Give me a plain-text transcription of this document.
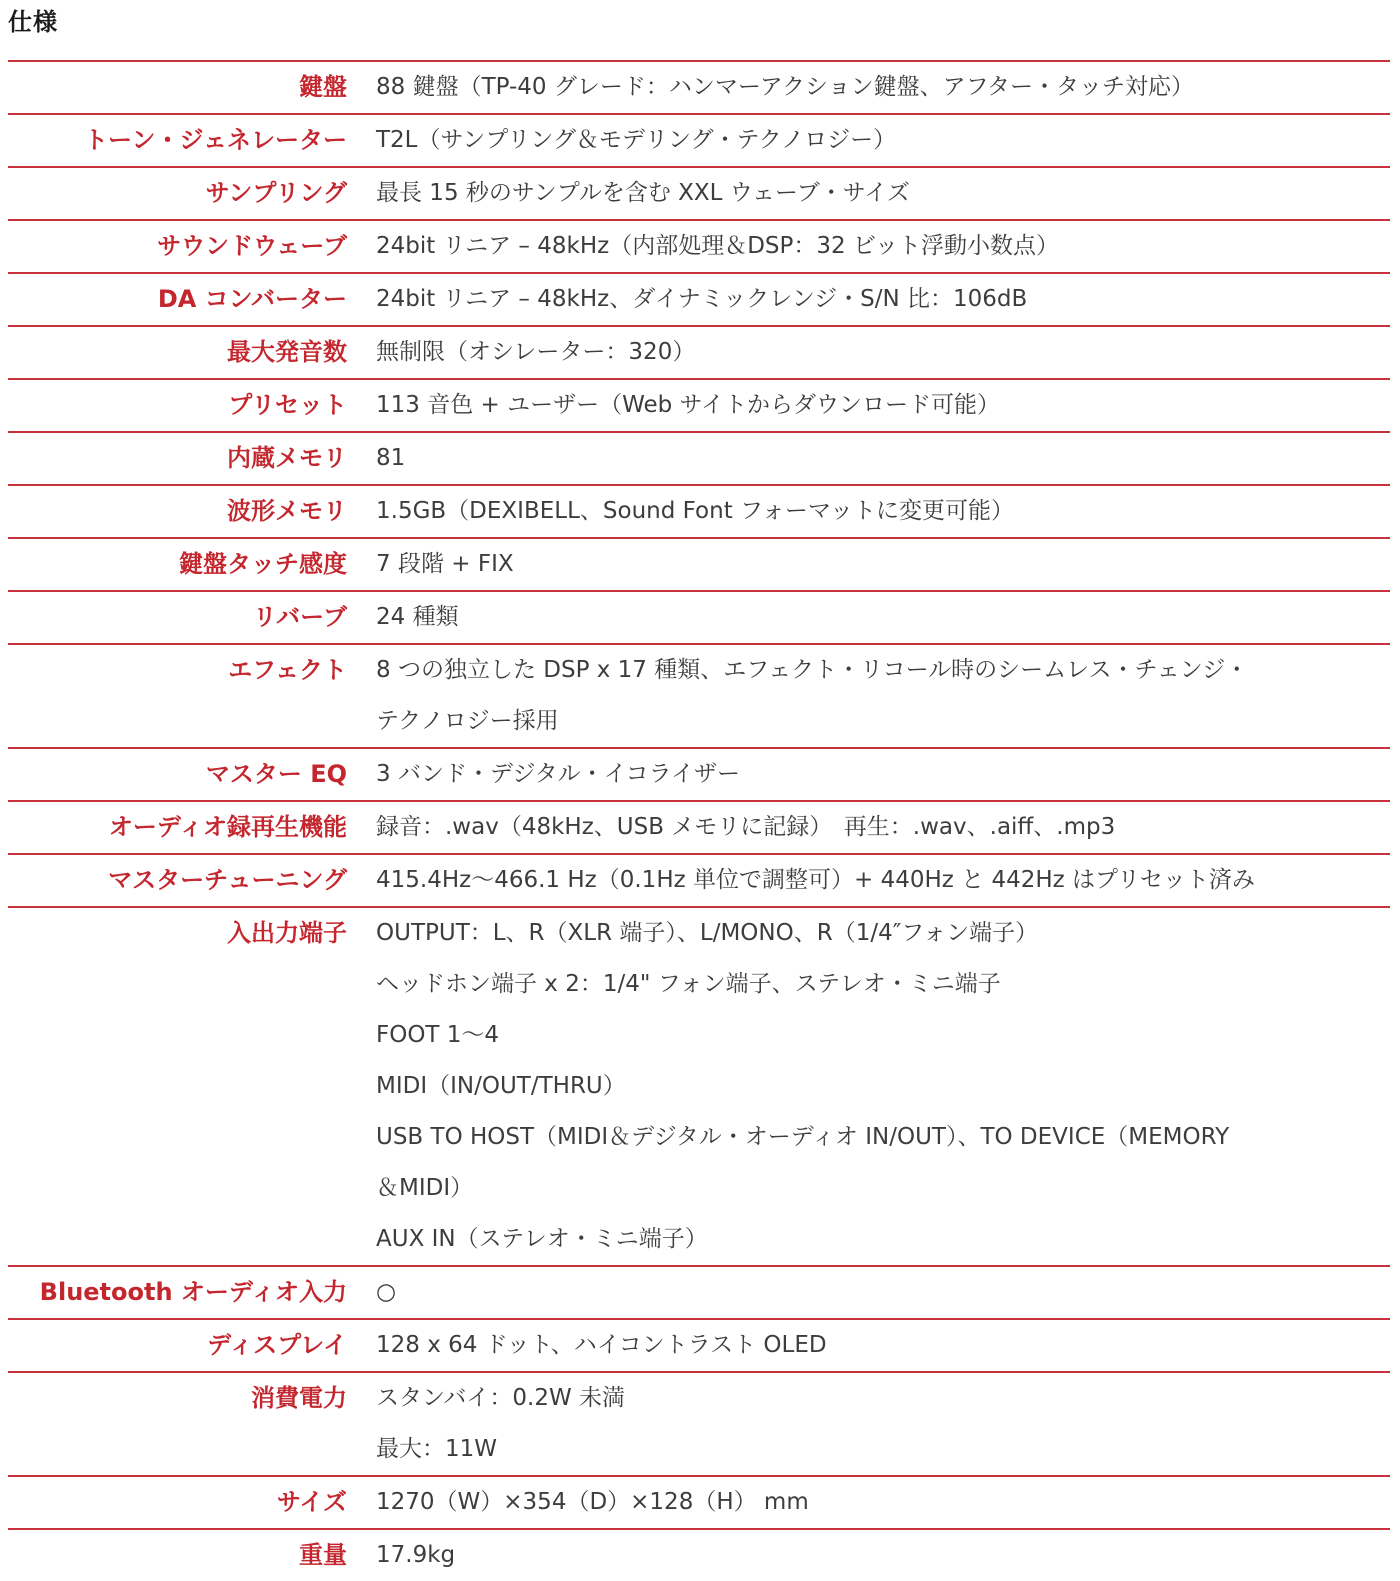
仕様
鍵盤 88 鍵盤（TP-40 グレード：ハンマーアクション鍵盤、アフター・タッチ対応）
トーン・ジェネレーター T2L（サンプリング＆モデリング・テクノロジー）
サンプリング 最長 15 秒のサンプルを含む XXL ウェーブ・サイズ
サウンドウェーブ 24bit リニア – 48kHz（内部処理＆DSP：32 ビット浮動小数点）
DA コンバーター 24bit リニア – 48kHz、ダイナミックレンジ・S/N 比：106dB
最大発音数 無制限（オシレーター：320）
プリセット 113 音色 + ユーザー（Web サイトからダウンロード可能）
内蔵メモリ 81
波形メモリ 1.5GB（DEXIBELL、Sound Font フォーマットに変更可能）
鍵盤タッチ感度 7 段階 + FIX
リバーブ 24 種類
エフェクト 8 つの独立した DSP x 17 種類、エフェクト・リコール時のシームレス・チェンジ・
テクノロジー採用
マスター EQ 3 バンド・デジタル・イコライザー
オーディオ録再生機能 録音：.wav（48kHz、USB メモリに記録）　再生：.wav、.aiff、.mp3
マスターチューニング 415.4Hz～466.1 Hz（0.1Hz 単位で調整可）+ 440Hz と 442Hz はプリセット済み
入出力端子 OUTPUT：L、R（XLR 端子）、L/MONO、R（1/4″フォン端子）
ヘッドホン端子 x 2：1/4" フォン端子、ステレオ・ミニ端子
FOOT 1～4
MIDI（IN/OUT/THRU）
USB TO HOST（MIDI＆デジタル・オーディオ IN/OUT）、TO DEVICE（MEMORY
＆MIDI）
AUX IN（ステレオ・ミニ端子）
Bluetooth オーディオ入力 ○
ディスプレイ 128 x 64 ドット、ハイコントラスト OLED
消費電力 スタンバイ：0.2W 未満
最大：11W
サイズ 1270（W）×354（D）×128（H） mm
重量 17.9kg
